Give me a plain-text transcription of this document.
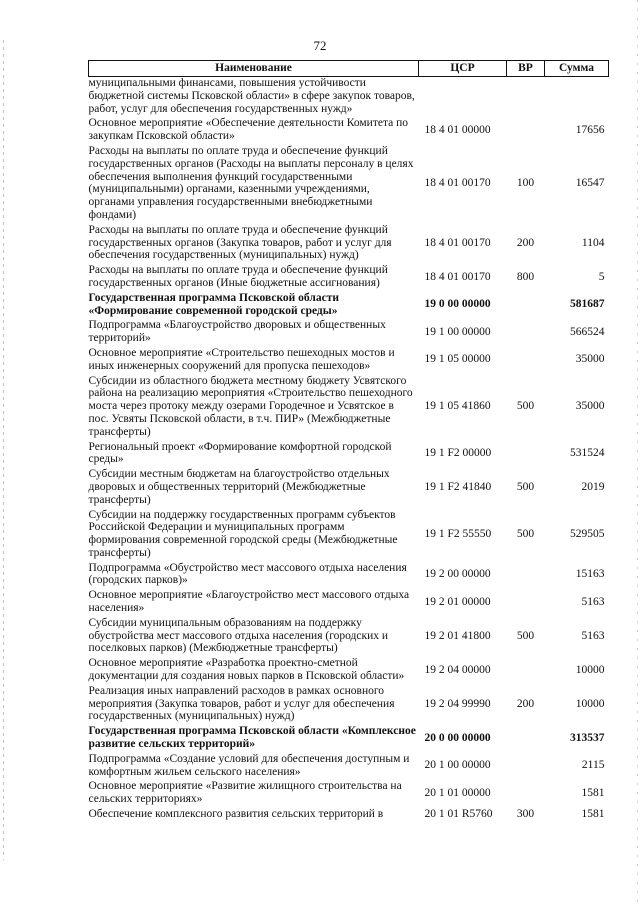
72
Наименование	ЦСР	ВР	Сумма
муниципальными финансами, повышения устойчивости бюджетной системы Псковской области» в сфере закупок товаров, работ, услуг для обеспечения государственных нужд»			
Основное мероприятие «Обеспечение деятельности Комитета по закупкам Псковской области»	18 4 01 00000		17656
Расходы на выплаты по оплате труда и обеспечение функций государственных органов (Расходы на выплаты персоналу в целях обеспечения выполнения функций государственными (муниципальными) органами, казенными учреждениями, органами управления государственными внебюджетными фондами)	18 4 01 00170	100	16547
Расходы на выплаты по оплате труда и обеспечение функций государственных органов (Закупка товаров, работ и услуг для обеспечения государственных (муниципальных) нужд)	18 4 01 00170	200	1104
Расходы на выплаты по оплате труда и обеспечение функций государственных органов (Иные бюджетные ассигнования)	18 4 01 00170	800	5
Государственная программа Псковской области «Формирование современной городской среды»	19 0 00 00000		581687
Подпрограмма «Благоустройство дворовых и общественных территорий»	19 1 00 00000		566524
Основное мероприятие «Строительство пешеходных мостов и иных инженерных сооружений для пропуска пешеходов»	19 1 05 00000		35000
Субсидии из областного бюджета местному бюджету Усвятского района на реализацию мероприятия «Строительство пешеходного моста через протоку между озерами Городечное и Усвятское в пос. Усвяты Псковской области, в т.ч. ПИР» (Межбюджетные трансферты)	19 1 05 41860	500	35000
Региональный проект «Формирование комфортной городской среды»	19 1 F2 00000		531524
Субсидии местным бюджетам на благоустройство отдельных дворовых и общественных территорий (Межбюджетные трансферты)	19 1 F2 41840	500	2019
Субсидии на поддержку государственных программ субъектов Российской Федерации и муниципальных программ формирования современной городской среды (Межбюджетные трансферты)	19 1 F2 55550	500	529505
Подпрограмма «Обустройство мест массового отдыха населения (городских парков)»	19 2 00 00000		15163
Основное мероприятие «Благоустройство мест массового отдыха населения»	19 2 01 00000		5163
Субсидии муниципальным образованиям на поддержку обустройства мест массового отдыха населения (городских и поселковых парков) (Межбюджетные трансферты)	19 2 01 41800	500	5163
Основное мероприятие «Разработка проектно-сметной документации для создания новых парков в Псковской области»	19 2 04 00000		10000
Реализация иных направлений расходов в рамках основного мероприятия (Закупка товаров, работ и услуг для обеспечения государственных (муниципальных) нужд)	19 2 04 99990	200	10000
Государственная программа Псковской области «Комплексное развитие сельских территорий»	20 0 00 00000		313537
Подпрограмма «Создание условий для обеспечения доступным и комфортным жильем сельского населения»	20 1 00 00000		2115
Основное мероприятие «Развитие жилищного строительства на сельских территориях»	20 1 01 00000		1581
Обеспечение комплексного развития сельских территорий в	20 1 01 R5760	300	1581
